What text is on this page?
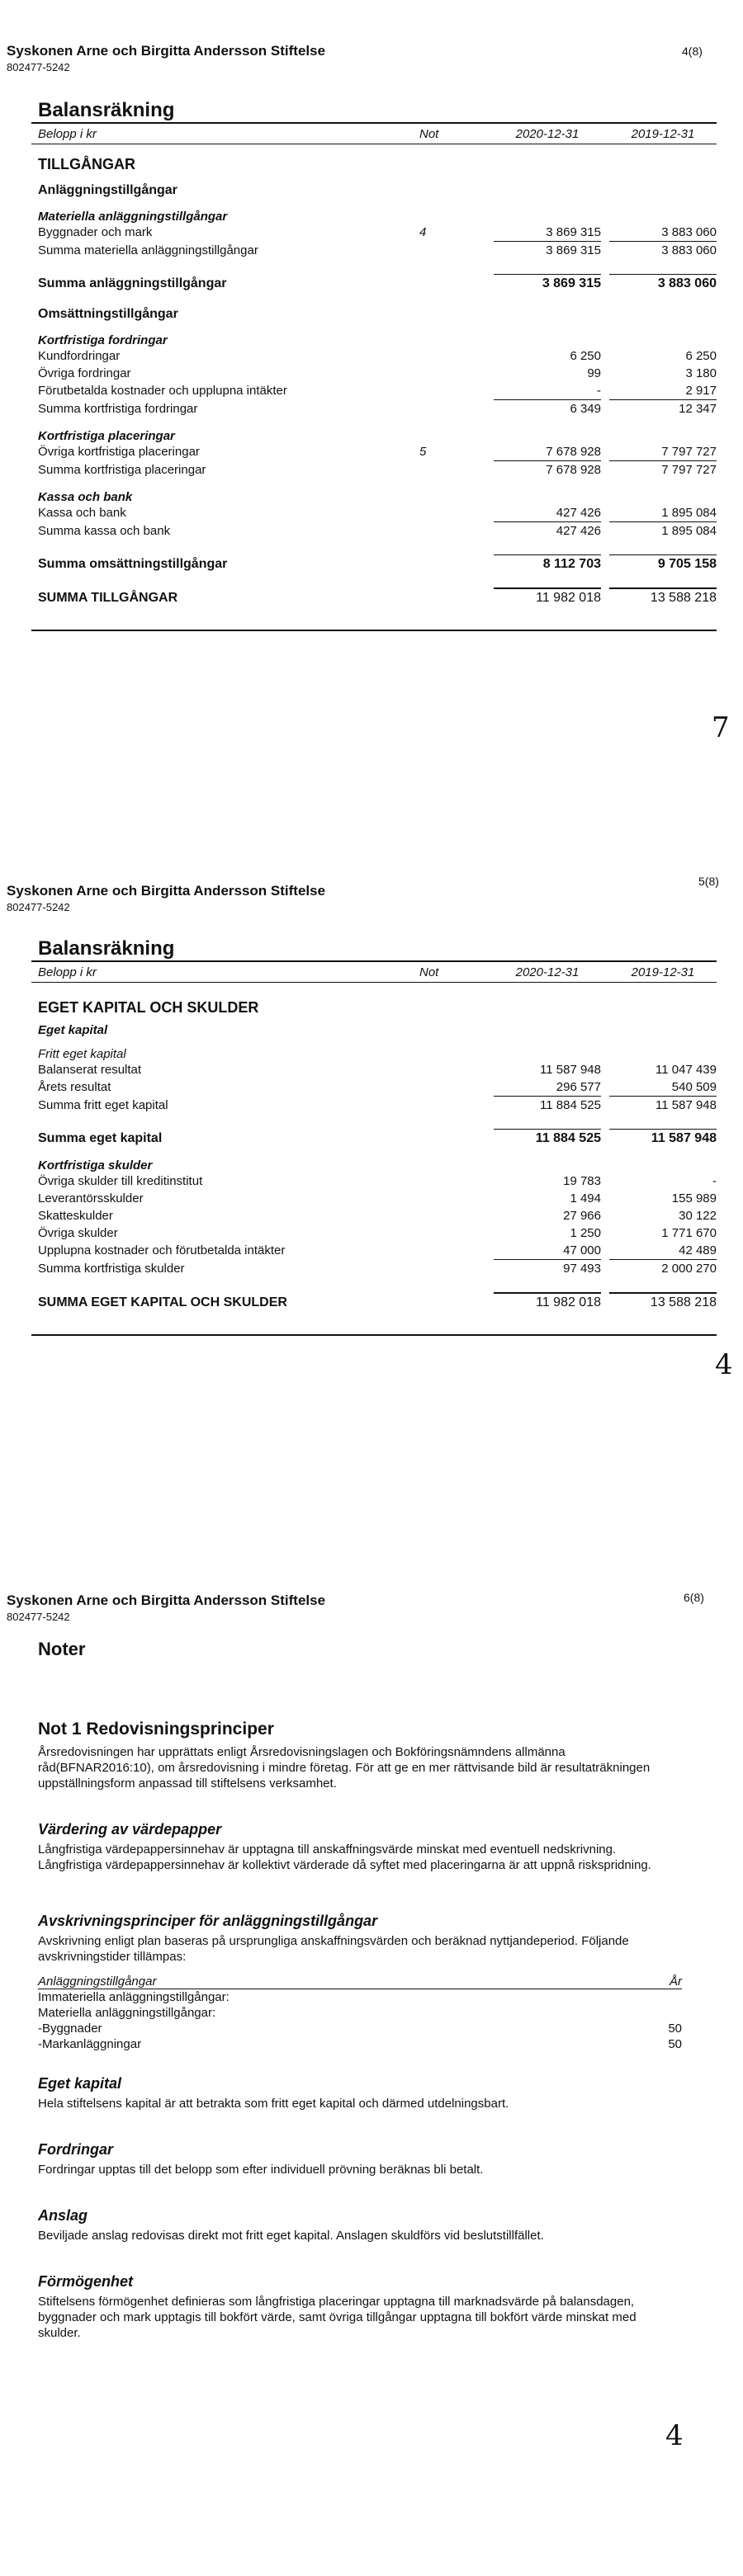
Syskonen Arne och Birgitta Andersson Stiftelse
802477-5242
4(8)
Balansräkning
Belopp i kr	Not	2020-12-31	2019-12-31
TILLGÅNGAR
Anläggningstillgångar
Materiella anläggningstillgångar
Byggnader och mark	4	3 869 315	3 883 060
Summa materiella anläggningstillgångar	3 869 315	3 883 060
Summa anläggningstillgångar	3 869 315	3 883 060
Omsättningstillgångar
Kortfristiga fordringar
Kundfordringar	6 250	6 250
Övriga fordringar	99	3 180
Förutbetalda kostnader och upplupna intäkter	-	2 917
Summa kortfristiga fordringar	6 349	12 347
Kortfristiga placeringar
Övriga kortfristiga placeringar	5	7 678 928	7 797 727
Summa kortfristiga placeringar	7 678 928	7 797 727
Kassa och bank
Kassa och bank	427 426	1 895 084
Summa kassa och bank	427 426	1 895 084
Summa omsättningstillgångar	8 112 703	9 705 158
SUMMA TILLGÅNGAR	11 982 018	13 588 218
7
Syskonen Arne och Birgitta Andersson Stiftelse
802477-5242
5(8)
Balansräkning
Belopp i kr	Not	2020-12-31	2019-12-31
EGET KAPITAL OCH SKULDER
Eget kapital
Fritt eget kapital
Balanserat resultat	11 587 948	11 047 439
Årets resultat	296 577	540 509
Summa fritt eget kapital	11 884 525	11 587 948
Summa eget kapital	11 884 525	11 587 948
Kortfristiga skulder
Övriga skulder till kreditinstitut	19 783	-
Leverantörsskulder	1 494	155 989
Skatteskulder	27 966	30 122
Övriga skulder	1 250	1 771 670
Upplupna kostnader och förutbetalda intäkter	47 000	42 489
Summa kortfristiga skulder	97 493	2 000 270
SUMMA EGET KAPITAL OCH SKULDER	11 982 018	13 588 218
4
Syskonen Arne och Birgitta Andersson Stiftelse
802477-5242
6(8)
Noter
Not 1 Redovisningsprinciper

Årsredovisningen har upprättats enligt Årsredovisningslagen och Bokföringsnämndens allmänna råd(BFNAR2016:10), om årsredovisning i mindre företag. För att ge en mer rättvisande bild är resultaträkningen uppställningsform anpassad till stiftelsens verksamhet.

Värdering av värdepapper

Långfristiga värdepappersinnehav är upptagna till anskaffningsvärde minskat med eventuell nedskrivning. Långfristiga värdepappersinnehav är kollektivt värderade då syftet med placeringarna är att uppnå riskspridning.

Avskrivningsprinciper för anläggningstillgångar

Avskrivning enligt plan baseras på ursprungliga anskaffningsvärden och beräknad nyttjandeperiod. Följande avskrivningstider tillämpas:

Anläggningstillgångar	År
Immateriella anläggningstillgångar:
Materiella anläggningstillgångar:
-Byggnader	50
-Markanläggningar	50
Eget kapital

Hela stiftelsens kapital är att betrakta som fritt eget kapital och därmed utdelningsbart.

Fordringar

Fordringar upptas till det belopp som efter individuell prövning beräknas bli betalt.

Anslag

Beviljade anslag redovisas direkt mot fritt eget kapital. Anslagen skuldförs vid beslutstillfället.

Förmögenhet

Stiftelsens förmögenhet definieras som långfristiga placeringar upptagna till marknadsvärde på balansdagen, byggnader och mark upptagis till bokfört värde, samt övriga tillgångar upptagna till bokfört värde minskat med skulder.

4
